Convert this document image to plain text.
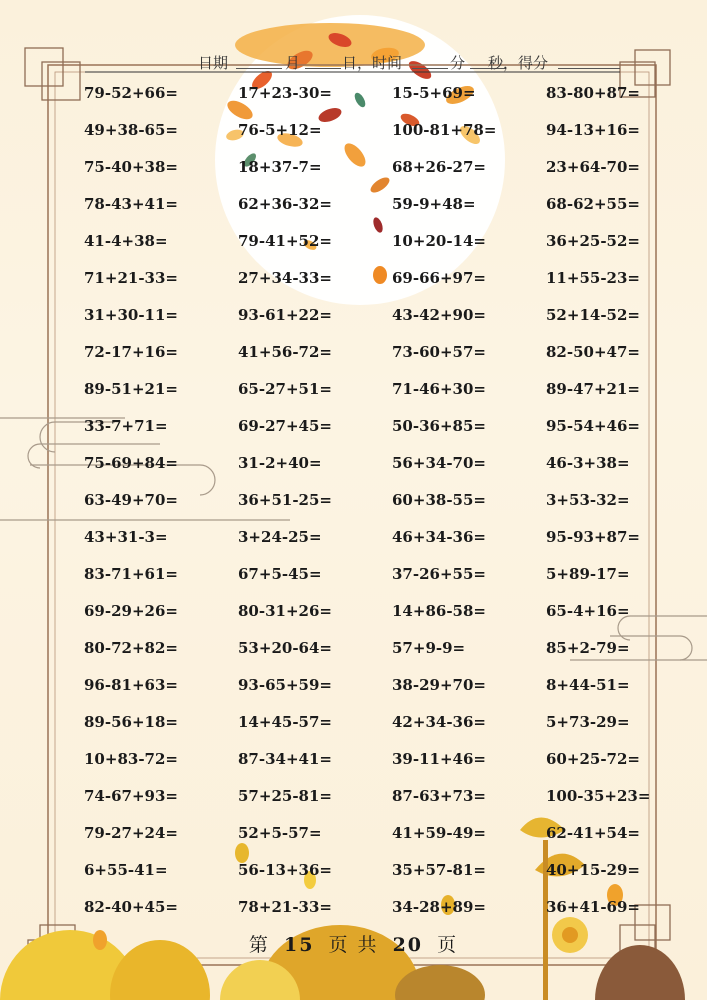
日期	月	日，时间	分 秒，得分
79-52+66=	17+23-30=	15-5+69=	83-80+87=
49+38-65=	76-5+12=	100-81+78=	94-13+16=
75-40+38=	18+37-7=	68+26-27=	23+64-70=
78-43+41=	62+36-32=	59-9+48=	68-62+55=
41-4+38=	79-41+52=	10+20-14=	36+25-52=
71+21-33=	27+34-33=	69-66+97=	11+55-23=
31+30-11=	93-61+22=	43-42+90=	52+14-52=
72-17+16=	41+56-72=	73-60+57=	82-50+47=
89-51+21=	65-27+51=	71-46+30=	89-47+21=
33-7+71=	69-27+45=	50-36+85=	95-54+46=
75-69+84=	31-2+40=	56+34-70=	46-3+38=
63-49+70=	36+51-25=	60+38-55=	3+53-32=
43+31-3=	3+24-25=	46+34-36=	95-93+87=
83-71+61=	67+5-45=	37-26+55=	5+89-17=
69-29+26=	80-31+26=	14+86-58=	65-4+16=
80-72+82=	53+20-64=	57+9-9=	85+2-79=
96-81+63=	93-65+59=	38-29+70=	8+44-51=
89-56+18=	14+45-57=	42+34-36=	5+73-29=
10+83-72=	87-34+41=	39-11+46=	60+25-72=
74-67+93=	57+25-81=	87-63+73=	100-35+23=
79-27+24=	52+5-57=	41+59-49=	62-41+54=
6+55-41=	56-13+36=	35+57-81=	40+15-29=
82-40+45=	78+21-33=	34-28+89=	36+41-69=
第 15 页 共 20 页
